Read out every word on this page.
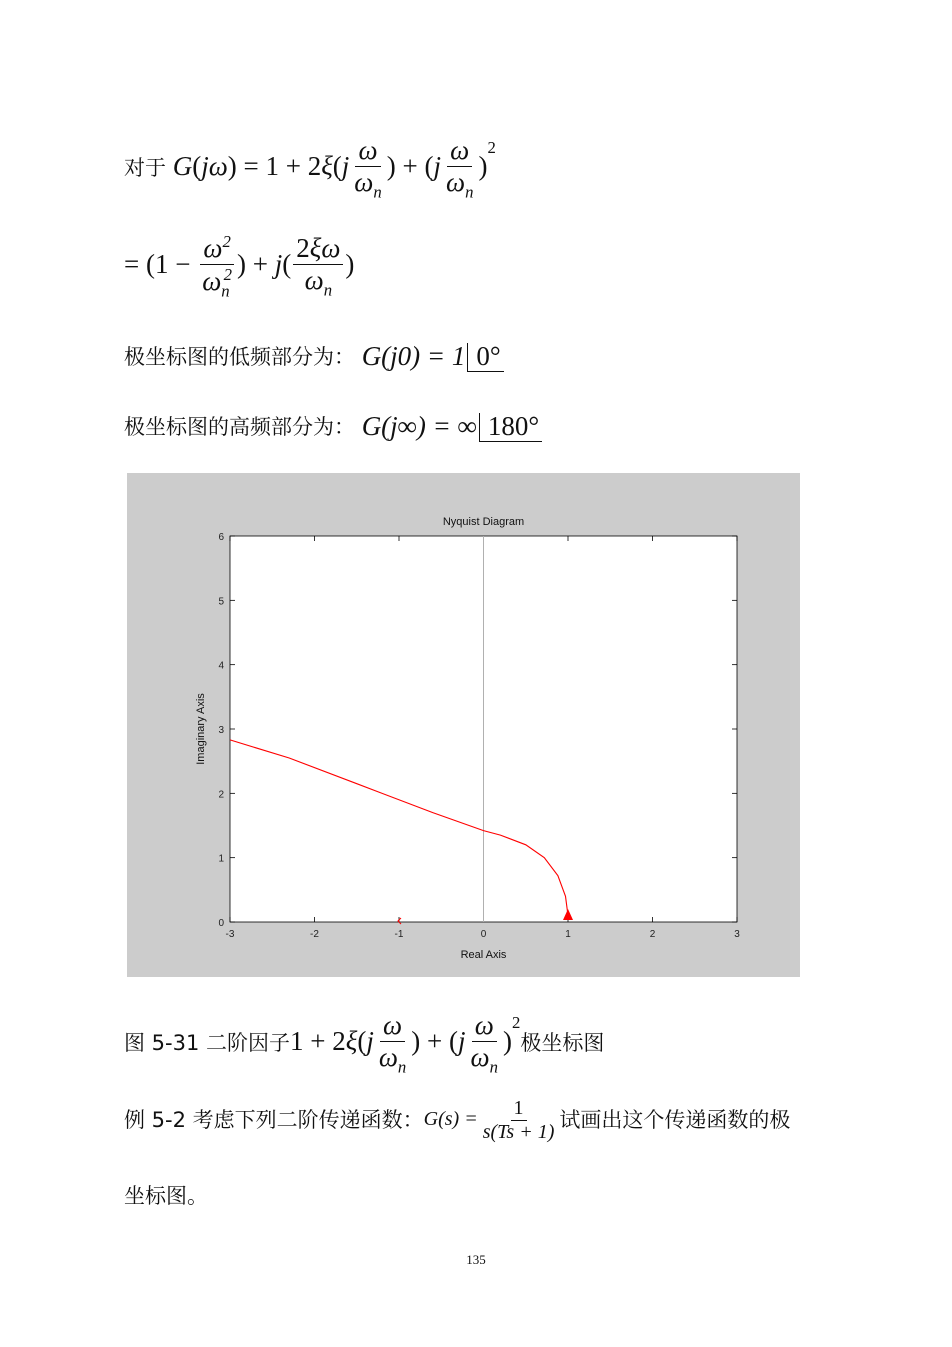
对于 $G(j\omega) = 1 + 2\xi(j \frac{\omega}{\omega_n}$ ) + $(j \frac{\omega}{\omega_n} )^2$
= ($1 - \frac{\omega^2}{\omega_n^2}$ ) + $j( \frac{2\xi\omega}{\omega_n}$ )
极坐标图的低频部分为： G(j0) = 1 0°
极坐标图的高频部分为： G(j∞) = ∞ 180°
-3	-2	-1	0	1	2	3
0
1
2
3
4
5
6
Nyquist Diagram
Real Axis
Imaginary Axis
图 5-31 二阶因子$1 + 2\xi(j \frac{\omega}{\omega_n}$ ) + $(j \frac{\omega}{\omega_n} )^2$极坐标图
例 5-2 考虑下列二阶传递函数：$G(s) = \frac{1}{s(Ts + 1)}$ 试画出这个传递函数的极
坐标图。
135
